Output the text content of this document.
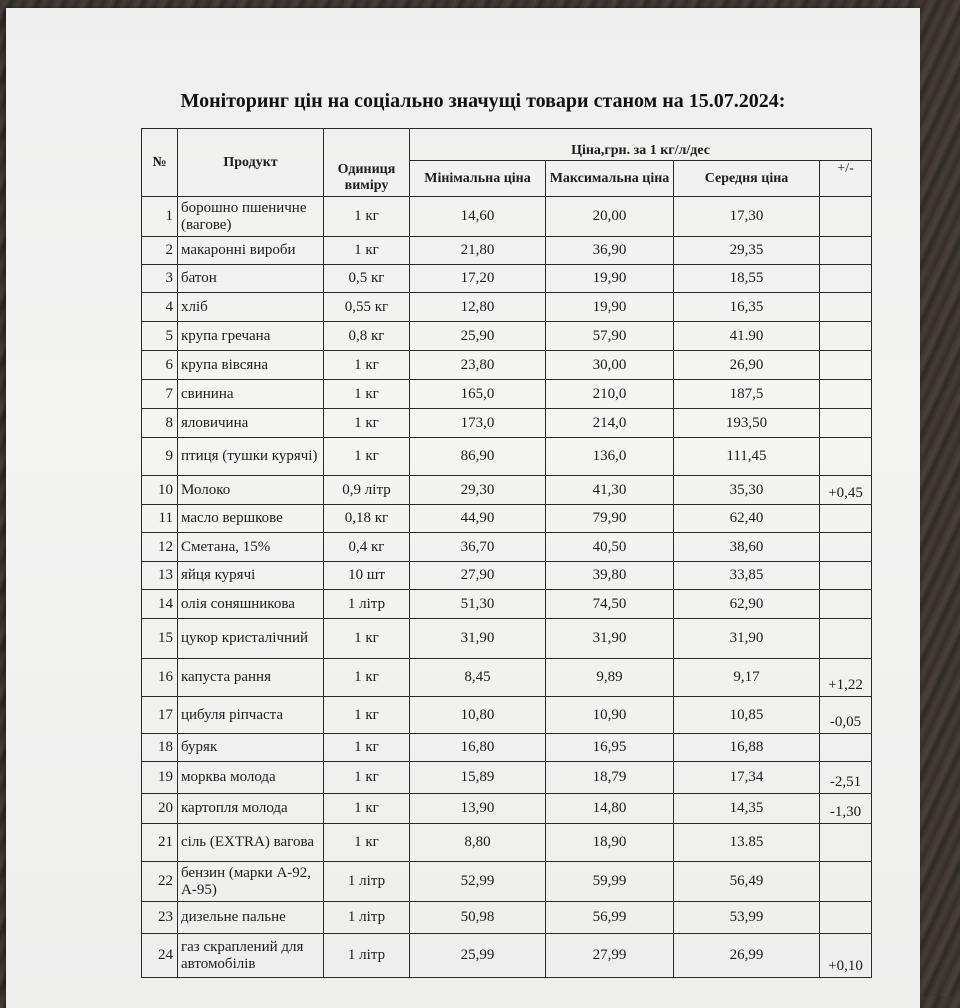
Моніторинг цін на соціально значущі товари станом на 15.07.2024:
№	Продукт	Одиниця виміру	Ціна,грн. за 1 кг/л/дес			
			Мінімальна ціна	Максимальна ціна	Середня ціна	+/-
1	борошно пшеничне (вагове)	1 кг	14,60	20,00	17,30	
2	макаронні вироби	1 кг	21,80	36,90	29,35	
3	батон	0,5 кг	17,20	19,90	18,55	
4	хліб	0,55 кг	12,80	19,90	16,35	
5	крупа гречана	0,8 кг	25,90	57,90	41.90	
6	крупа вівсяна	1 кг	23,80	30,00	26,90	
7	свинина	1 кг	165,0	210,0	187,5	
8	яловичина	1 кг	173,0	214,0	193,50	
9	птиця (тушки курячі)	1 кг	86,90	136,0	111,45	
10	Молоко	0,9 літр	29,30	41,30	35,30	+0,45
11	масло вершкове	0,18 кг	44,90	79,90	62,40	
12	Сметана, 15%	0,4 кг	36,70	40,50	38,60	
13	яйця курячі	10 шт	27,90	39,80	33,85	
14	олія соняшникова	1 літр	51,30	74,50	62,90	
15	цукор кристалічний	1 кг	31,90	31,90	31,90	
16	капуста рання	1 кг	8,45	9,89	9,17	+1,22
17	цибуля ріпчаста	1 кг	10,80	10,90	10,85	-0,05
18	буряк	1 кг	16,80	16,95	16,88	
19	морква молода	1 кг	15,89	18,79	17,34	-2,51
20	картопля молода	1 кг	13,90	14,80	14,35	-1,30
21	сіль (EXTRA) вагова	1 кг	8,80	18,90	13.85	
22	бензин (марки А-92, А-95)	1 літр	52,99	59,99	56,49	
23	дизельне пальне	1 літр	50,98	56,99	53,99	
24	газ скраплений для автомобілів	1 літр	25,99	27,99	26,99	+0,10
